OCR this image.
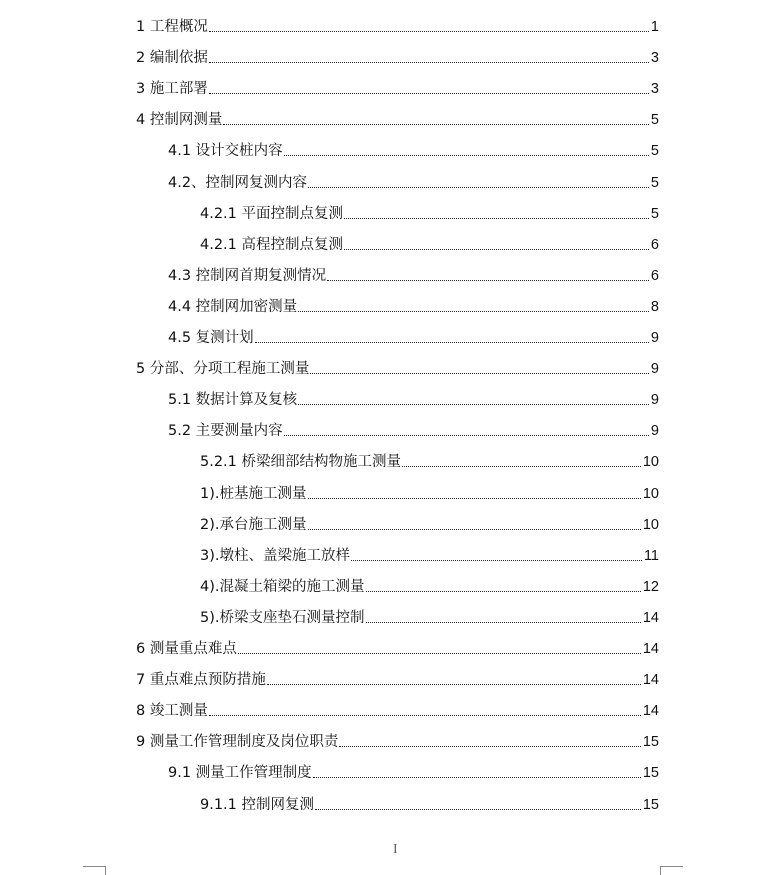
1 工程概况	1
2 编制依据	3
3 施工部署	3
4 控制网测量	5
4.1 设计交桩内容	5
4.2、控制网复测内容	5
4.2.1 平面控制点复测	5
4.2.1 高程控制点复测	6
4.3 控制网首期复测情况	6
4.4 控制网加密测量	8
4.5 复测计划	9
5 分部、分项工程施工测量	9
5.1 数据计算及复核	9
5.2 主要测量内容	9
5.2.1 桥梁细部结构物施工测量	10
1).桩基施工测量	10
2).承台施工测量	10
3).墩柱、盖梁施工放样	11
4).混凝土箱梁的施工测量	12
5).桥梁支座垫石测量控制	14
6 测量重点难点	14
7 重点难点预防措施	14
8 竣工测量	14
9 测量工作管理制度及岗位职责	15
9.1 测量工作管理制度	15
9.1.1 控制网复测	15
I
